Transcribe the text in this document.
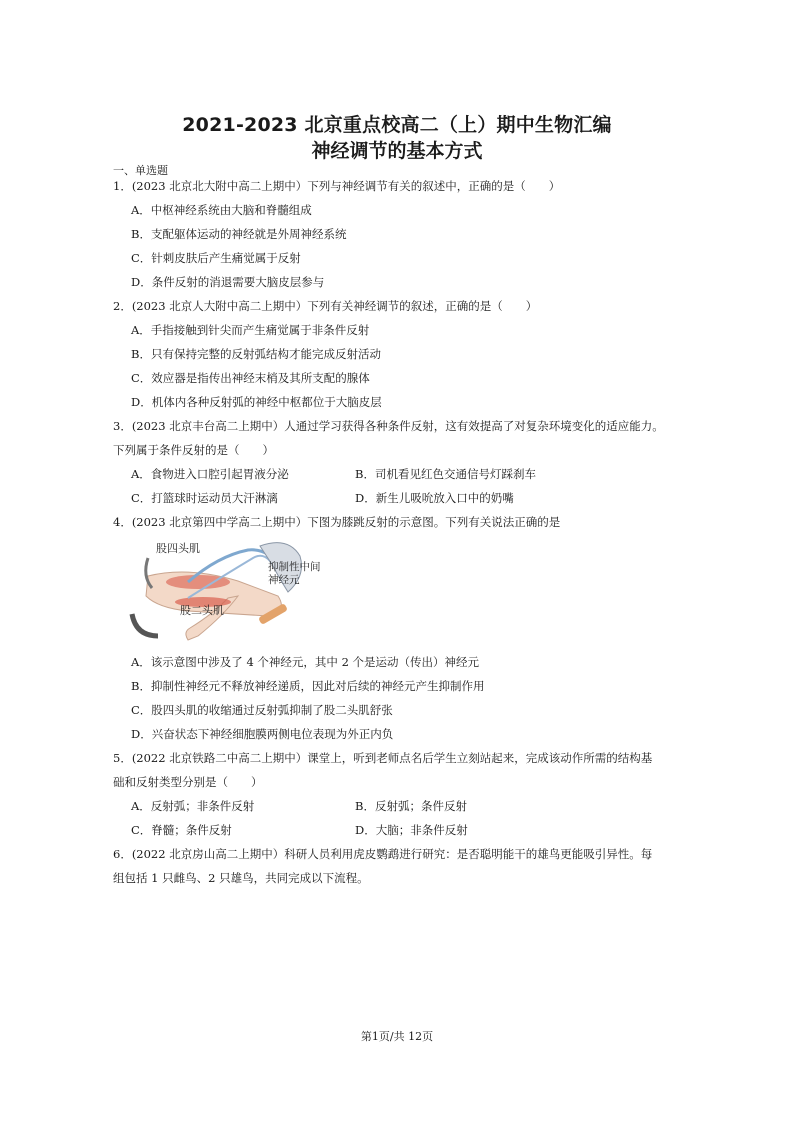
2021-2023 北京重点校高二（上）期中生物汇编
神经调节的基本方式
一、单选题
1．(2023 北京北大附中高二上期中）下列与神经调节有关的叙述中，正确的是（　　）
A．中枢神经系统由大脑和脊髓组成
B．支配躯体运动的神经就是外周神经系统
C．针刺皮肤后产生痛觉属于反射
D．条件反射的消退需要大脑皮层参与
2．(2023 北京人大附中高二上期中）下列有关神经调节的叙述，正确的是（　　）
A．手指接触到针尖而产生痛觉属于非条件反射
B．只有保持完整的反射弧结构才能完成反射活动
C．效应器是指传出神经末梢及其所支配的腺体
D．机体内各种反射弧的神经中枢都位于大脑皮层
3．(2023 北京丰台高二上期中）人通过学习获得各种条件反射，这有效提高了对复杂环境变化的适应能力。
下列属于条件反射的是（　　）
A．食物进入口腔引起胃液分泌	B．司机看见红色交通信号灯踩刹车
C．打篮球时运动员大汗淋漓	D．新生儿吸吮放入口中的奶嘴
4．(2023 北京第四中学高二上期中）下图为膝跳反射的示意图。下列有关说法正确的是
股四头肌
抑制性中间
神经元
股二头肌
A．该示意图中涉及了 4 个神经元，其中 2 个是运动（传出）神经元
B．抑制性神经元不释放神经递质，因此对后续的神经元产生抑制作用
C．股四头肌的收缩通过反射弧抑制了股二头肌舒张
D．兴奋状态下神经细胞膜两侧电位表现为外正内负
5．(2022 北京铁路二中高二上期中）课堂上，听到老师点名后学生立刻站起来，完成该动作所需的结构基
础和反射类型分别是（　　）
A．反射弧；非条件反射	B．反射弧；条件反射
C．脊髓；条件反射	D．大脑；非条件反射
6．(2022 北京房山高二上期中）科研人员利用虎皮鹦鹉进行研究：是否聪明能干的雄鸟更能吸引异性。每
组包括 1 只雌鸟、2 只雄鸟，共同完成以下流程。
第1页/共 12页
